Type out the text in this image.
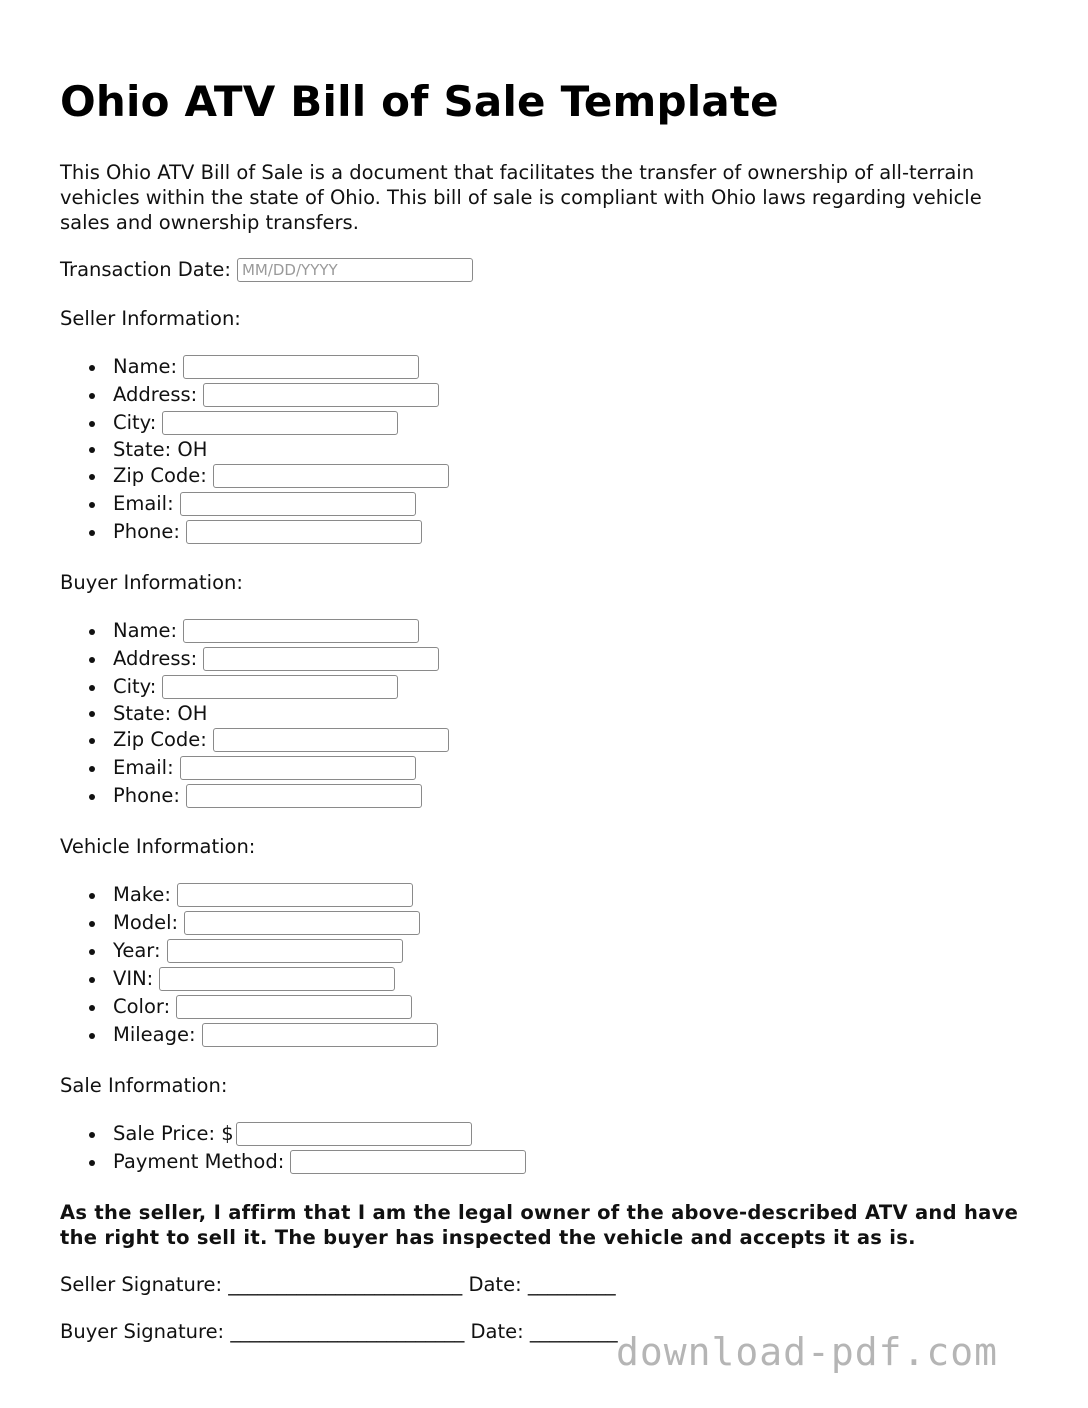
Ohio ATV Bill of Sale Template

This Ohio ATV Bill of Sale is a document that facilitates the transfer of ownership of all-terrain vehicles within the state of Ohio. This bill of sale is compliant with Ohio laws regarding vehicle sales and ownership transfers.

Transaction Date: MM/DD/YYYY
Seller Information:
Name:
Address:
City:
State: OH
Zip Code:
Email:
Phone:
Buyer Information:
Name:
Address:
City:
State: OH
Zip Code:
Email:
Phone:
Vehicle Information:
Make:
Model:
Year:
VIN:
Color:
Mileage:
Sale Information:
Sale Price: $
Payment Method:
As the seller, I affirm that I am the legal owner of the above-described ATV and have the right to sell it. The buyer has inspected the vehicle and accepts it as is.
Seller Signature: ________________________ Date: _________
Buyer Signature: ________________________ Date: _________
download-pdf.com
